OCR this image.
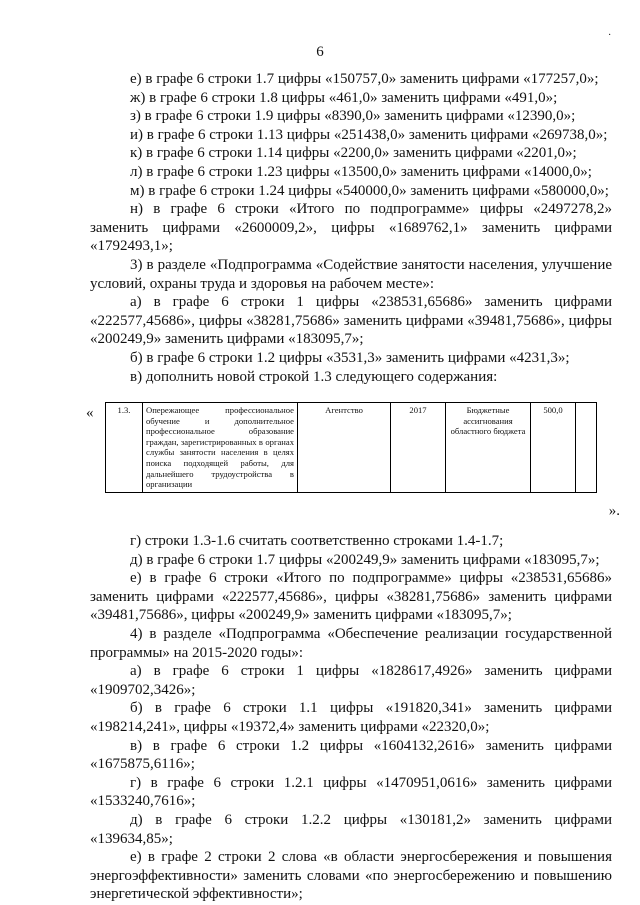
6
·

е) в графе 6 строки 1.7 цифры «150757,0» заменить цифрами «177257,0»;

ж) в графе 6 строки 1.8 цифры «461,0» заменить цифрами «491,0»;

з) в графе 6 строки 1.9 цифры «8390,0» заменить цифрами «12390,0»;

и) в графе 6 строки 1.13 цифры «251438,0» заменить цифрами «269738,0»;

к) в графе 6 строки 1.14 цифры «2200,0» заменить цифрами «2201,0»;

л) в графе 6 строки 1.23 цифры «13500,0» заменить цифрами «14000,0»;

м) в графе 6 строки 1.24 цифры «540000,0» заменить цифрами «580000,0»;

н) в графе 6 строки «Итого по подпрограмме» цифры «2497278,2» заменить цифрами «2600009,2», цифры «1689762,1» заменить цифрами «1792493,1»;

3) в разделе «Подпрограмма «Содействие занятости населения, улучшение условий, охраны труда и здоровья на рабочем месте»:

а) в графе 6 строки 1 цифры «238531,65686» заменить цифрами «222577,45686», цифры «38281,75686» заменить цифрами «39481,75686», цифры «200249,9» заменить цифрами «183095,7»;

б) в графе 6 строки 1.2 цифры «3531,3» заменить цифрами «4231,3»;

в) дополнить новой строкой 1.3 следующего содержания:

«	1.3.	Опережающее профессиональное обучение и дополнительное профессиональное образование граждан, зарегистрированных в органах службы занятости населения в целях поиска подходящей работы, для дальнейшего трудоустройства в организации	Агентство	2017	Бюджетные ассигнования областного бюджета	500,0	
».

г) строки 1.3-1.6 считать соответственно строками 1.4-1.7;

д) в графе 6 строки 1.7 цифры «200249,9» заменить цифрами «183095,7»;

е) в графе 6 строки «Итого по подпрограмме» цифры «238531,65686» заменить цифрами «222577,45686», цифры «38281,75686» заменить цифрами «39481,75686», цифры «200249,9» заменить цифрами «183095,7»;

4) в разделе «Подпрограмма «Обеспечение реализации государственной программы» на 2015-2020 годы»:

а) в графе 6 строки 1 цифры «1828617,4926» заменить цифрами «1909702,3426»;

б) в графе 6 строки 1.1 цифры «191820,341» заменить цифрами «198214,241», цифры «19372,4» заменить цифрами «22320,0»;

в) в графе 6 строки 1.2 цифры «1604132,2616» заменить цифрами «1675875,6116»;

г) в графе 6 строки 1.2.1 цифры «1470951,0616» заменить цифрами «1533240,7616»;

д) в графе 6 строки 1.2.2 цифры «130181,2» заменить цифрами «139634,85»;

е) в графе 2 строки 2 слова «в области энергосбережения и повышения энергоэффективности» заменить словами «по энергосбережению и повышению энергетической эффективности»;
